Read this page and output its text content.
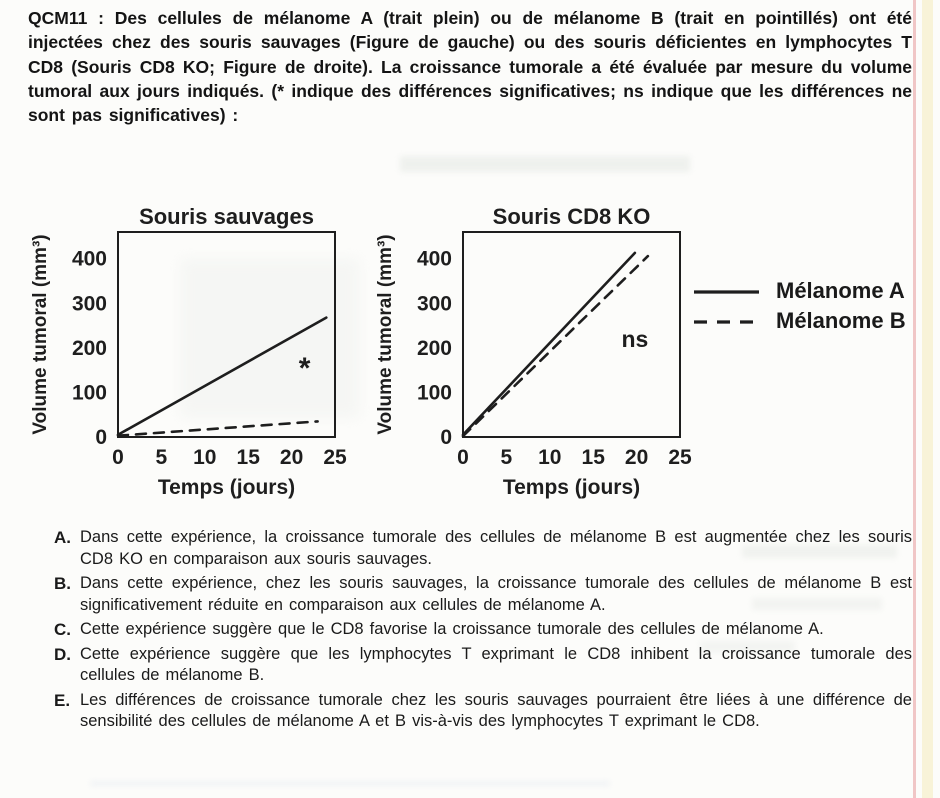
QCM11 : Des cellules de mélanome A (trait plein) ou de mélanome B (trait en pointillés) ont été injectées chez des souris sauvages (Figure de gauche) ou des souris déficientes en lymphocytes T CD8 (Souris CD8 KO; Figure de droite). La croissance tumorale a été évaluée par mesure du volume tumoral aux jours indiqués. (* indique des différences significatives; ns indique que les différences ne sont pas significatives) :
Souris sauvages
0
100
200
300
400
0 5 10 15 20 25
Volume tumoral (mm³)
Temps (jours)
*
Souris CD8 KO
0
100
200
300
400
0 5 10 15 20 25
Volume tumoral (mm³)
Temps (jours)
ns
Mélanome A
Mélanome B
A. Dans cette expérience, la croissance tumorale des cellules de mélanome B est augmentée chez les souris CD8 KO en comparaison aux souris sauvages.
B. Dans cette expérience, chez les souris sauvages, la croissance tumorale des cellules de mélanome B est significativement réduite en comparaison aux cellules de mélanome A.
C. Cette expérience suggère que le CD8 favorise la croissance tumorale des cellules de mélanome A.
D. Cette expérience suggère que les lymphocytes T exprimant le CD8 inhibent la croissance tumorale des cellules de mélanome B.
E. Les différences de croissance tumorale chez les souris sauvages pourraient être liées à une différence de sensibilité des cellules de mélanome A et B vis-à-vis des lymphocytes T exprimant le CD8.
